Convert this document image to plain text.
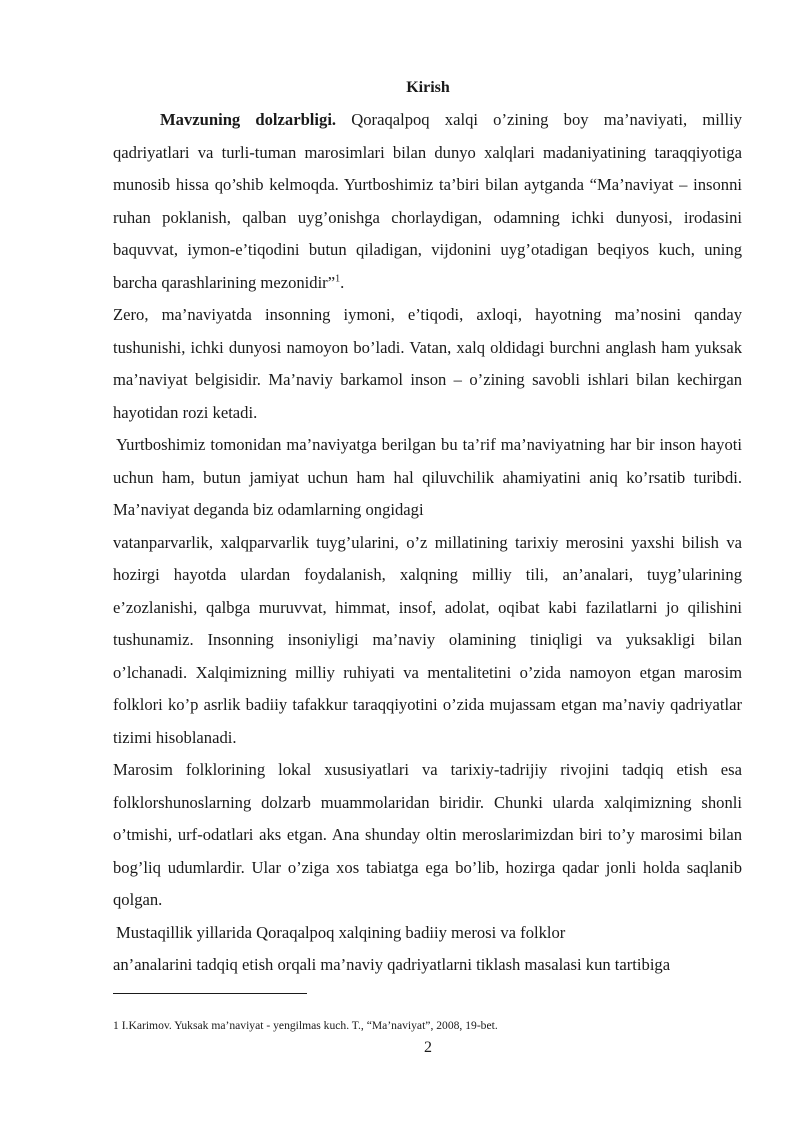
Kirish

Mavzuning dolzarbligi. Qoraqalpoq xalqi o’zining boy ma’naviyati, milliy qadriyatlari va turli-tuman marosimlari bilan dunyo xalqlari madaniyatining taraqqiyotiga munosib hissa qo’shib kelmoqda. Yurtboshimiz ta’biri bilan aytganda “Ma’naviyat – insonni ruhan poklanish, qalban uyg’onishga chorlaydigan, odamning ichki dunyosi, irodasini baquvvat, iymon-e’tiqodini butun qiladigan, vijdonini uyg’otadigan beqiyos kuch, uning barcha qarashlarining mezonidir”$^1$.

Zero, ma’naviyatda insonning iymoni, e’tiqodi, axloqi, hayotning ma’nosini qanday tushunishi, ichki dunyosi namoyon bo’ladi. Vatan, xalq oldidagi burchni anglash ham yuksak ma’naviyat belgisidir. Ma’naviy barkamol inson – o’zining savobli ishlari bilan kechirgan hayotidan rozi ketadi.

Yurtboshimiz tomonidan ma’naviyatga berilgan bu ta’rif ma’naviyatning har bir inson hayoti uchun ham, butun jamiyat uchun ham hal qiluvchilik ahamiyatini aniq ko’rsatib turibdi. Ma’naviyat deganda biz odamlarning ongidagi

vatanparvarlik, xalqparvarlik tuyg’ularini, o’z millatining tarixiy merosini yaxshi bilish va hozirgi hayotda ulardan foydalanish, xalqning milliy tili, an’analari, tuyg’ularining e’zozlanishi, qalbga muruvvat, himmat, insof, adolat, oqibat kabi fazilatlarni jo qilishini tushunamiz. Insonning insoniyligi ma’naviy olamining tiniqligi va yuksakligi bilan o’lchanadi. Xalqimizning milliy ruhiyati va mentalitetini o’zida namoyon etgan marosim folklori ko’p asrlik badiiy tafakkur taraqqiyotini o’zida mujassam etgan ma’naviy qadriyatlar tizimi hisoblanadi.

Marosim folklorining lokal xususiyatlari va tarixiy-tadrijiy rivojini tadqiq etish esa folklorshunoslarning dolzarb muammolaridan biridir. Chunki ularda xalqimizning shonli o’tmishi, urf-odatlari aks etgan. Ana shunday oltin meroslarimizdan biri to’y marosimi bilan bog’liq udumlardir. Ular o’ziga xos tabiatga ega bo’lib, hozirga qadar jonli holda saqlanib qolgan.

Mustaqillik yillarida Qoraqalpoq xalqining badiiy merosi va folklor

an’analarini tadqiq etish orqali ma’naviy qadriyatlarni tiklash masalasi kun tartibiga

1 I.Karimov. Yuksak ma’naviyat - yengilmas kuch. T., “Ma’naviyat”, 2008, 19-bet.
2
